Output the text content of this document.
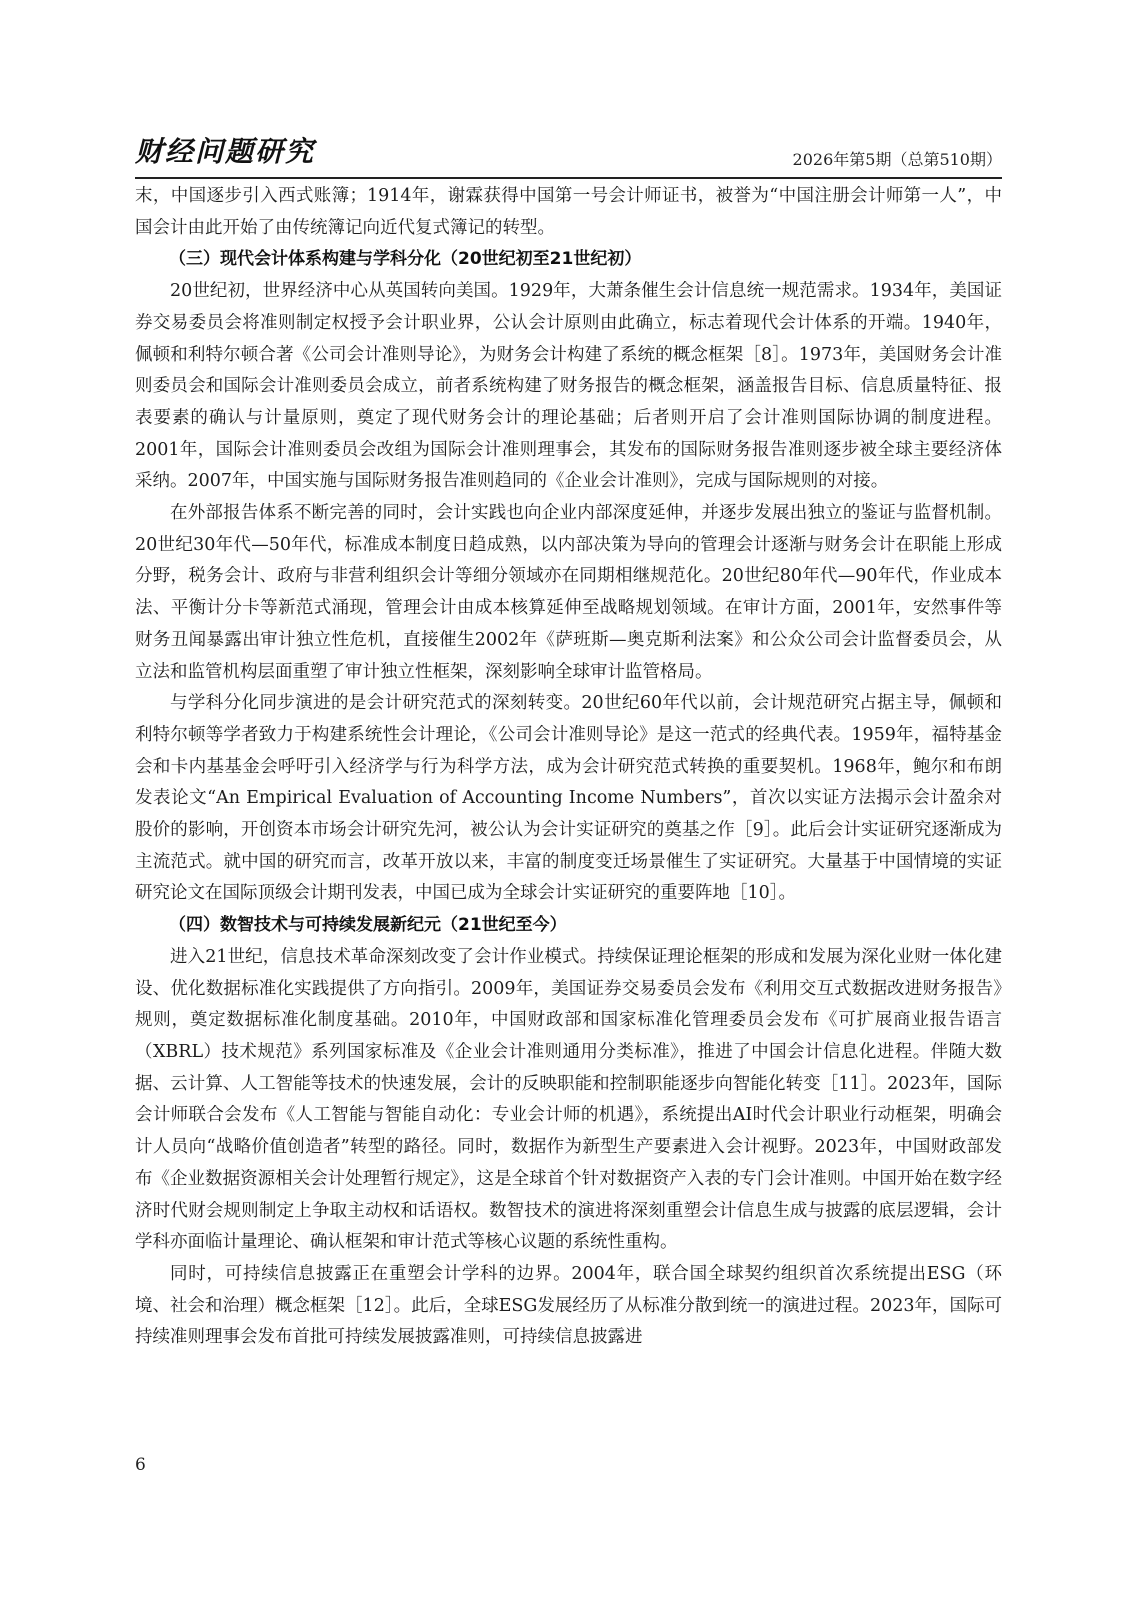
财经问题研究	2026年第5期（总第510期）

末，中国逐步引入西式账簿；1914年，谢霖获得中国第一号会计师证书，被誉为“中国注册会计师第一人”，中国会计由此开始了由传统簿记向近代复式簿记的转型。

（三）现代会计体系构建与学科分化（20世纪初至21世纪初）

20世纪初，世界经济中心从英国转向美国。1929年，大萧条催生会计信息统一规范需求。1934年，美国证券交易委员会将准则制定权授予会计职业界，公认会计原则由此确立，标志着现代会计体系的开端。1940年，佩顿和利特尔顿合著《公司会计准则导论》，为财务会计构建了系统的概念框架［8］。1973年，美国财务会计准则委员会和国际会计准则委员会成立，前者系统构建了财务报告的概念框架，涵盖报告目标、信息质量特征、报表要素的确认与计量原则，奠定了现代财务会计的理论基础；后者则开启了会计准则国际协调的制度进程。2001年，国际会计准则委员会改组为国际会计准则理事会，其发布的国际财务报告准则逐步被全球主要经济体采纳。2007年，中国实施与国际财务报告准则趋同的《企业会计准则》，完成与国际规则的对接。

在外部报告体系不断完善的同时，会计实践也向企业内部深度延伸，并逐步发展出独立的鉴证与监督机制。20世纪30年代—50年代，标准成本制度日趋成熟，以内部决策为导向的管理会计逐渐与财务会计在职能上形成分野，税务会计、政府与非营利组织会计等细分领域亦在同期相继规范化。20世纪80年代—90年代，作业成本法、平衡计分卡等新范式涌现，管理会计由成本核算延伸至战略规划领域。在审计方面，2001年，安然事件等财务丑闻暴露出审计独立性危机，直接催生2002年《萨班斯—奥克斯利法案》和公众公司会计监督委员会，从立法和监管机构层面重塑了审计独立性框架，深刻影响全球审计监管格局。

与学科分化同步演进的是会计研究范式的深刻转变。20世纪60年代以前，会计规范研究占据主导，佩顿和利特尔顿等学者致力于构建系统性会计理论，《公司会计准则导论》是这一范式的经典代表。1959年，福特基金会和卡内基基金会呼吁引入经济学与行为科学方法，成为会计研究范式转换的重要契机。1968年，鲍尔和布朗发表论文“An Empirical Evaluation of Accounting Income Numbers”，首次以实证方法揭示会计盈余对股价的影响，开创资本市场会计研究先河，被公认为会计实证研究的奠基之作［9］。此后会计实证研究逐渐成为主流范式。就中国的研究而言，改革开放以来，丰富的制度变迁场景催生了实证研究。大量基于中国情境的实证研究论文在国际顶级会计期刊发表，中国已成为全球会计实证研究的重要阵地［10］。

（四）数智技术与可持续发展新纪元（21世纪至今）

进入21世纪，信息技术革命深刻改变了会计作业模式。持续保证理论框架的形成和发展为深化业财一体化建设、优化数据标准化实践提供了方向指引。2009年，美国证券交易委员会发布《利用交互式数据改进财务报告》规则，奠定数据标准化制度基础。2010年，中国财政部和国家标准化管理委员会发布《可扩展商业报告语言（XBRL）技术规范》系列国家标准及《企业会计准则通用分类标准》，推进了中国会计信息化进程。伴随大数据、云计算、人工智能等技术的快速发展，会计的反映职能和控制职能逐步向智能化转变［11］。2023年，国际会计师联合会发布《人工智能与智能自动化：专业会计师的机遇》，系统提出AI时代会计职业行动框架，明确会计人员向“战略价值创造者”转型的路径。同时，数据作为新型生产要素进入会计视野。2023年，中国财政部发布《企业数据资源相关会计处理暂行规定》，这是全球首个针对数据资产入表的专门会计准则。中国开始在数字经济时代财会规则制定上争取主动权和话语权。数智技术的演进将深刻重塑会计信息生成与披露的底层逻辑，会计学科亦面临计量理论、确认框架和审计范式等核心议题的系统性重构。

同时，可持续信息披露正在重塑会计学科的边界。2004年，联合国全球契约组织首次系统提出ESG（环境、社会和治理）概念框架［12］。此后，全球ESG发展经历了从标准分散到统一的演进过程。2023年，国际可持续准则理事会发布首批可持续发展披露准则，可持续信息披露进

6
